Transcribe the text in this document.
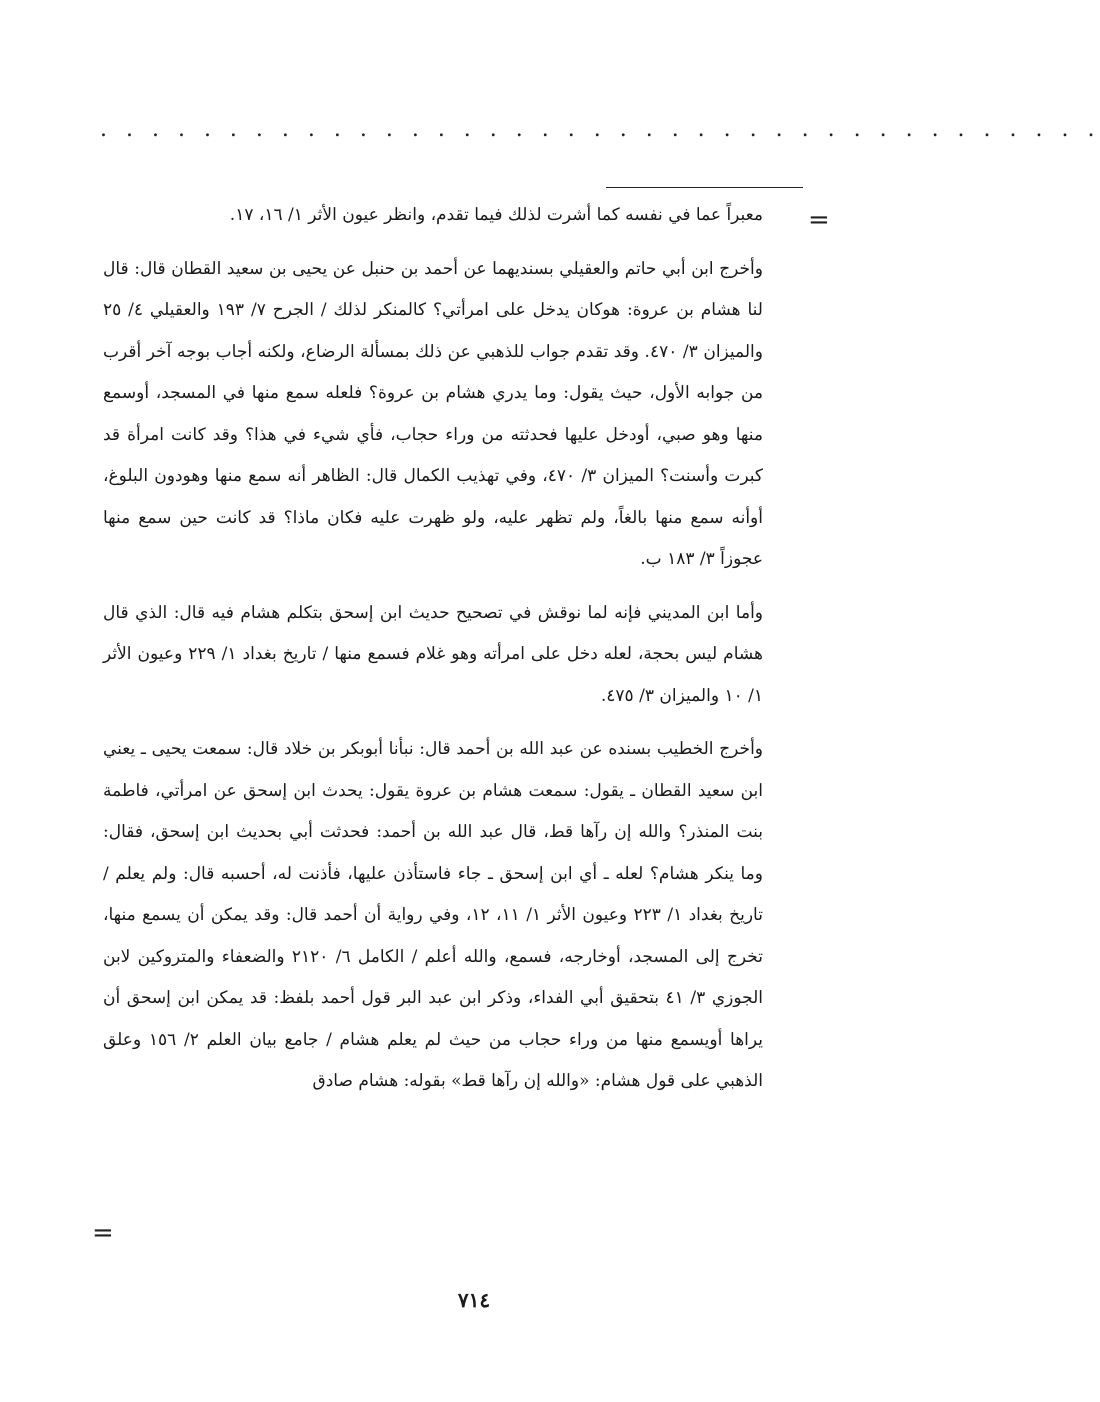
. . . . . . . . . . . . . . . . . . . . . . . . . . . . . . . . . . . . . . .
=

معبراً عما في نفسه كما أشرت لذلك فيما تقدم، وانظر عيون الأثر ١/ ١٦، ١٧.

وأخرج ابن أبي حاتم والعقيلي بسنديهما عن أحمد بن حنبل عن يحيى بن سعيد القطان قال: قال لنا هشام بن عروة: هوكان يدخل على امرأتي؟ كالمنكر لذلك / الجرح ٧/ ١٩٣ والعقيلي ٤/ ٢٥ والميزان ٣/ ٤٧٠. وقد تقدم جواب للذهبي عن ذلك بمسألة الرضاع، ولكنه أجاب بوجه آخر أقرب من جوابه الأول، حيث يقول: وما يدري هشام بن عروة؟ فلعله سمع منها في المسجد، أوسمع منها وهو صبي، أودخل عليها فحدثته من وراء حجاب، فأي شيء في هذا؟ وقد كانت امرأة قد كبرت وأسنت؟ الميزان ٣/ ٤٧٠، وفي تهذيب الكمال قال: الظاهر أنه سمع منها وهودون البلوغ، أوأنه سمع منها بالغاً، ولم تظهر عليه، ولو ظهرت عليه فكان ماذا؟ قد كانت حين سمع منها عجوزاً ٣/ ١٨٣ ب.

وأما ابن المديني فإنه لما نوقش في تصحيح حديث ابن إسحق بتكلم هشام فيه قال: الذي قال هشام ليس بحجة، لعله دخل على امرأته وهو غلام فسمع منها / تاريخ بغداد ١/ ٢٢٩ وعيون الأثر ١/ ١٠ والميزان ٣/ ٤٧٥.

وأخرج الخطيب بسنده عن عبد الله بن أحمد قال: نبأنا أبوبكر بن خلاد قال: سمعت يحيى ـ يعني ابن سعيد القطان ـ يقول: سمعت هشام بن عروة يقول: يحدث ابن إسحق عن امرأتي، فاطمة بنت المنذر؟ والله إن رآها قط، قال عبد الله بن أحمد: فحدثت أبي بحديث ابن إسحق، فقال: وما ينكر هشام؟ لعله ـ أي ابن إسحق ـ جاء فاستأذن عليها، فأذنت له، أحسبه قال: ولم يعلم / تاريخ بغداد ١/ ٢٢٣ وعيون الأثر ١/ ١١، ١٢، وفي رواية أن أحمد قال: وقد يمكن أن يسمع منها، تخرج إلى المسجد، أوخارجه، فسمع، والله أعلم / الكامل ٦/ ٢١٢٠ والضعفاء والمتروكين لابن الجوزي ٣/ ٤١ بتحقيق أبي الفداء، وذكر ابن عبد البر قول أحمد بلفظ: قد يمكن ابن إسحق أن يراها أويسمع منها من وراء حجاب من حيث لم يعلم هشام / جامع بيان العلم ٢/ ١٥٦ وعلق الذهبي على قول هشام: «والله إن رآها قط» بقوله: هشام صادق

=
٧١٤
